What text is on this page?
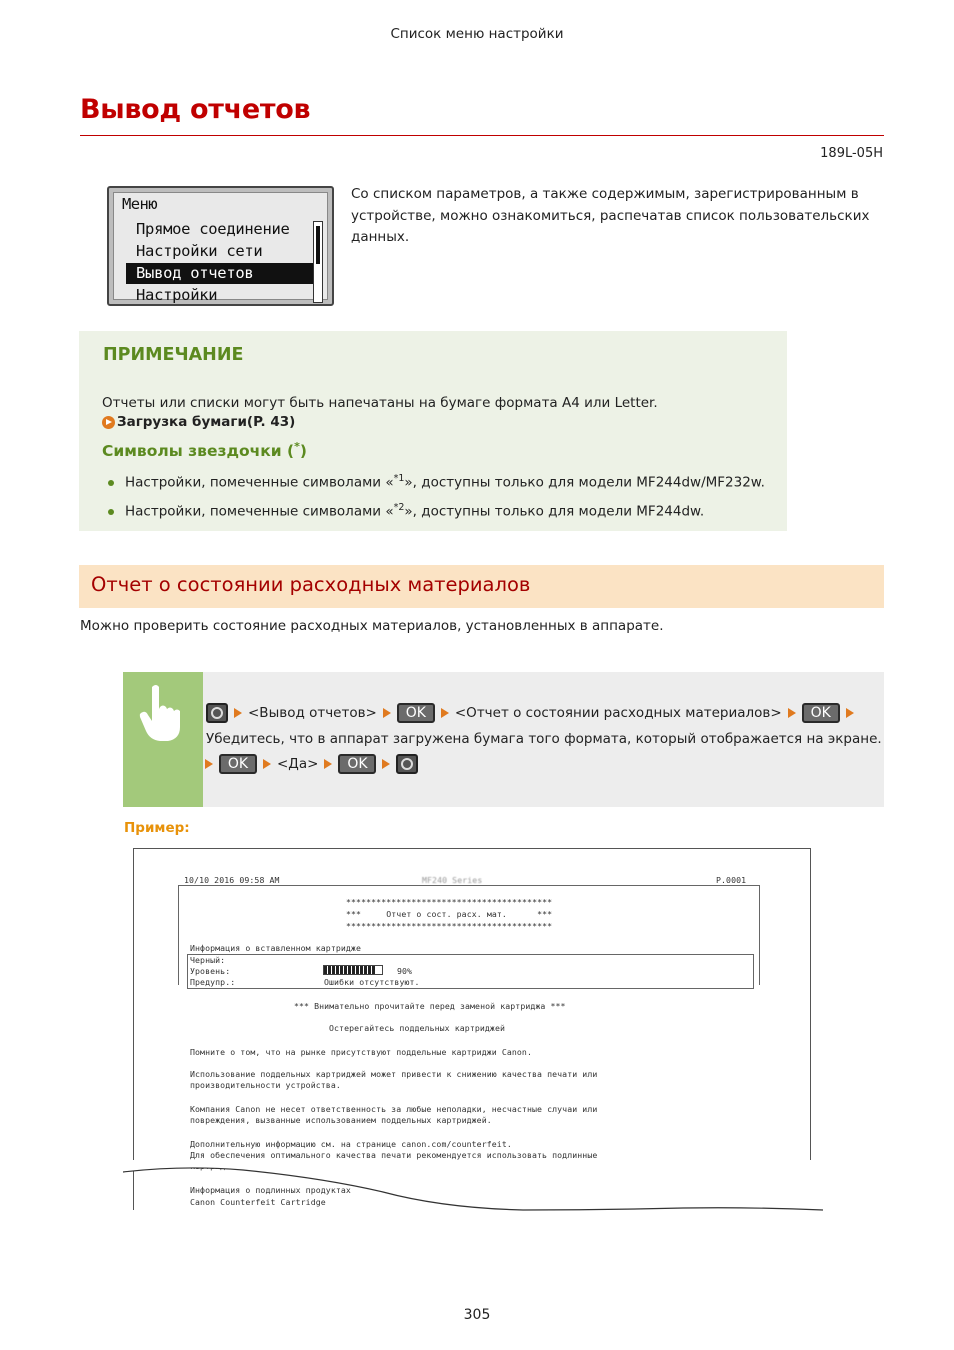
Список меню настройки
Вывод отчетов
189L-05H
Меню
Прямое соединение
Настройки сети
Вывод отчетов
Настройки
Со списком параметров, а также содержимым, зарегистрированным в устройстве, можно ознакомиться, распечатав список пользовательских данных.
ПРИМЕЧАНИЕ
Отчеты или списки могут быть напечатаны на бумаге формата A4 или Letter.
Загрузка бумаги(P. 43)
Символы звездочки (*)
Настройки, помеченные символами «$^{*1}$», доступны только для модели MF244dw/MF232w.
Настройки, помеченные символами «$^{*2}$», доступны только для модели MF244dw.
Отчет о состоянии расходных материалов
Можно проверить состояние расходных материалов, установленных в аппарате.
<Вывод отчетов>	OK	<Отчет о состоянии расходных материалов>	OK
Убедитесь, что в аппарат загружена бумага того формата, который отображается на экране.
OK	<Да>	OK
Пример:
10/10 2016 09:58 AM	MF240 Series	P.0001
*****************************************
***     Отчет о сост. расх. мат.      ***
*****************************************
Информация о вставленном картридже
Черный:
Уровень:	90%
Предупр.:	Ошибки отсутствуют.
*** Внимательно прочитайте перед заменой картриджа ***
Остерегайтесь поддельных картриджей
Помните о том, что на рынке присутствуют поддельные картриджи Canon.
Использование поддельных картриджей может привести к снижению качества печати или
производительности устройства.
Компания Canon не несет ответственность за любые неполадки, несчастные случаи или
повреждения, вызванные использованием поддельных картриджей.
Дополнительную информацию см. на странице canon.com/counterfeit.
Для обеспечения оптимального качества печати рекомендуется использовать подлинные
Информация о подлинных продуктах
Canon Counterfeit Cartridge
305
